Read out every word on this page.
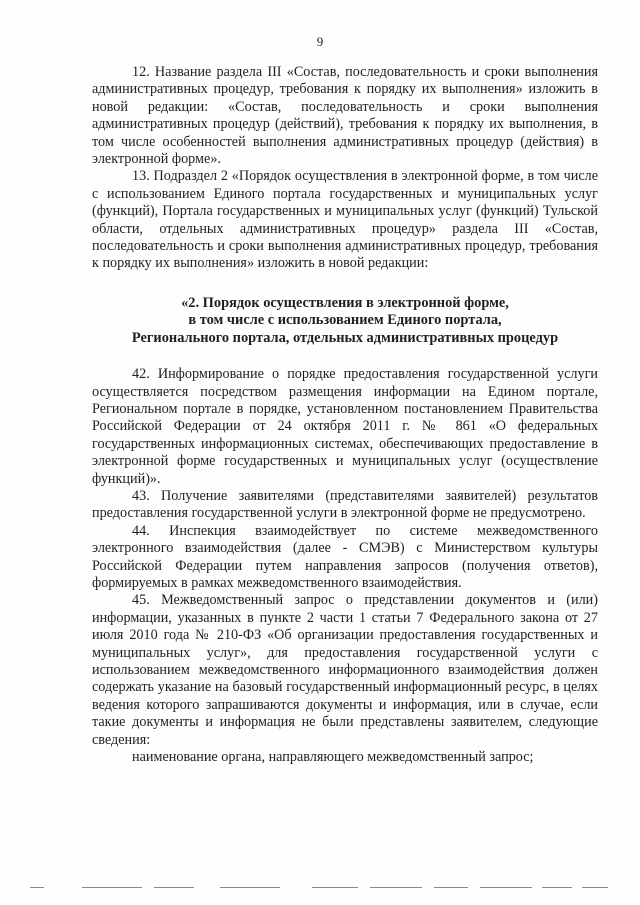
9

12. Название раздела III «Состав, последовательность и сроки выполнения административных процедур, требования к порядку их выполнения» изложить в новой редакции: «Состав, последовательность и сроки выполнения административных процедур (действий), требования к порядку их выполнения, в том числе особенностей выполнения административных процедур (действия) в электронной форме».

13. Подраздел 2 «Порядок осуществления в электронной форме, в том числе с использованием Единого портала государственных и муниципальных услуг (функций), Портала государственных и муниципальных услуг (функций) Тульской области, отдельных административных процедур» раздела III «Состав, последовательность и сроки выполнения административных процедур, требования к порядку их выполнения» изложить в новой редакции:

«2. Порядок осуществления в электронной форме,
в том числе с использованием Единого портала,
Регионального портала, отдельных административных процедур

42. Информирование о порядке предоставления государственной услуги осуществляется посредством размещения информации на Едином портале, Региональном портале в порядке, установленном постановлением Правительства Российской Федерации от 24 октября 2011 г. № 861 «О федеральных государственных информационных системах, обеспечивающих предоставление в электронной форме государственных и муниципальных услуг (осуществление функций)».

43. Получение заявителями (представителями заявителей) результатов предоставления государственной услуги в электронной форме не предусмотрено.

44. Инспекция взаимодействует по системе межведомственного электронного взаимодействия (далее - СМЭВ) с Министерством культуры Российской Федерации путем направления запросов (получения ответов), формируемых в рамках межведомственного взаимодействия.

45. Межведомственный запрос о представлении документов и (или) информации, указанных в пункте 2 части 1 статьи 7 Федерального закона от 27 июля 2010 года № 210-ФЗ «Об организации предоставления государственных и муниципальных услуг», для предоставления государственной услуги с использованием межведомственного информационного взаимодействия должен содержать указание на базовый государственный информационный ресурс, в целях ведения которого запрашиваются документы и информация, или в случае, если такие документы и информация не были представлены заявителем, следующие сведения:

наименование органа, направляющего межведомственный запрос;
